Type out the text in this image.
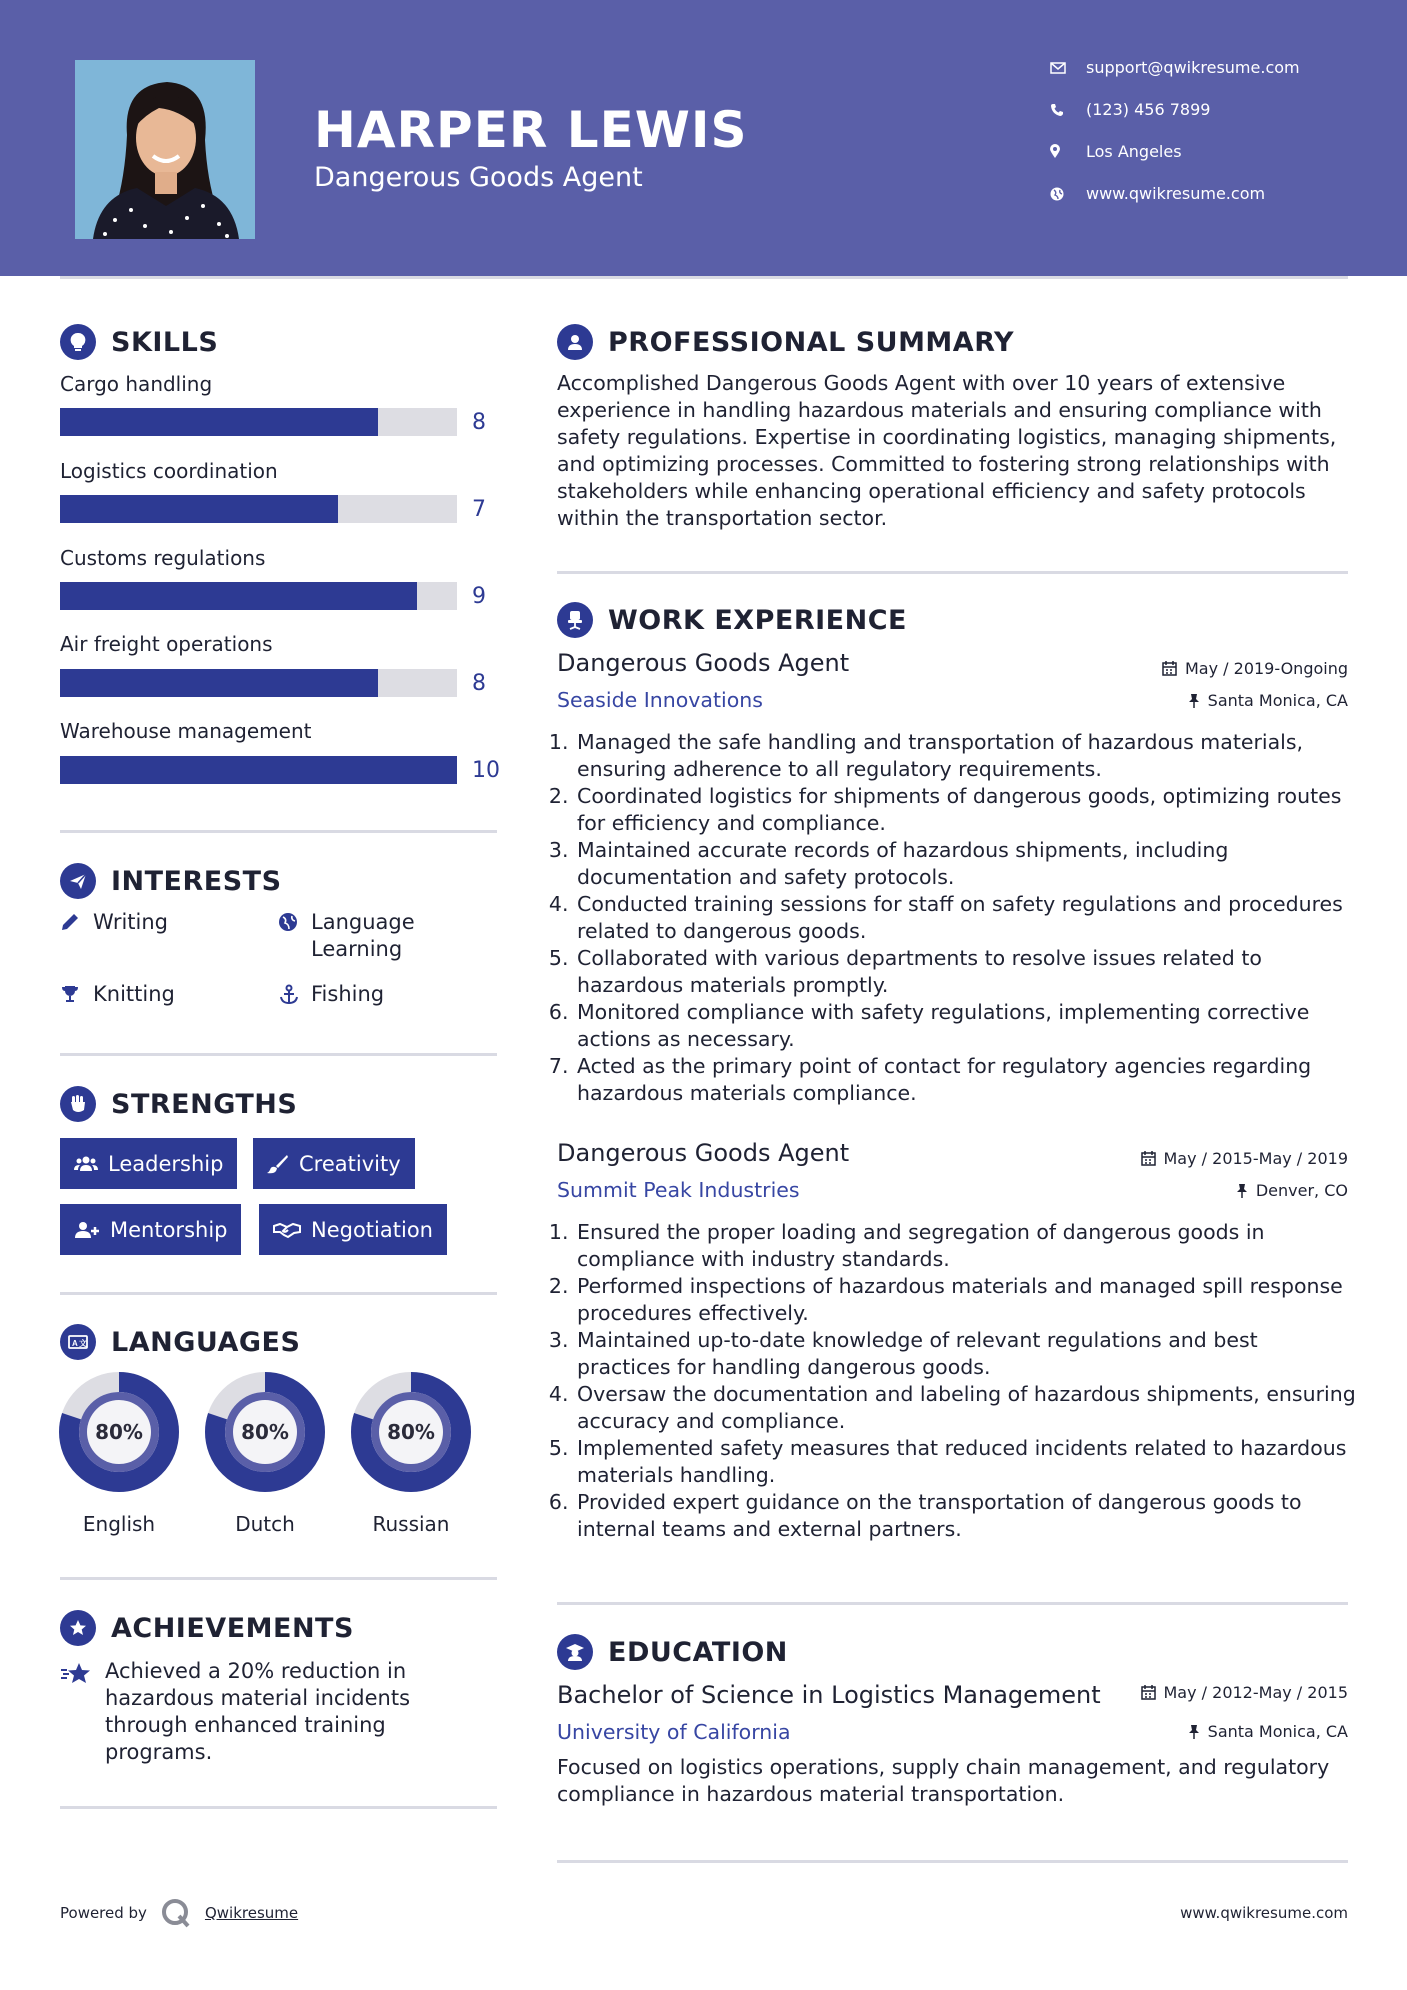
HARPER LEWIS
Dangerous Goods Agent
support@qwikresume.com
(123) 456 7899
Los Angeles
www.qwikresume.com
SKILLS
Cargo handling
8
Logistics coordination
7
Customs regulations
9
Air freight operations
8
Warehouse management
10
INTERESTS
Writing	Language Learning
Knitting	Fishing
STRENGTHS
Leadership	Creativity
Mentorship	Negotiation
A 文 LANGUAGES
80%
English
80%
Dutch
80%
Russian
ACHIEVEMENTS
Achieved a 20% reduction in hazardous material incidents through enhanced training programs.
PROFESSIONAL SUMMARY
Accomplished Dangerous Goods Agent with over 10 years of extensive experience in handling hazardous materials and ensuring compliance with safety regulations. Expertise in coordinating logistics, managing shipments, and optimizing processes. Committed to fostering strong relationships with stakeholders while enhancing operational efficiency and safety protocols within the transportation sector.
WORK EXPERIENCE
Dangerous Goods Agent	May / 2019-Ongoing
Seaside Innovations	Santa Monica, CA
1. Managed the safe handling and transportation of hazardous materials, ensuring adherence to all regulatory requirements.
2. Coordinated logistics for shipments of dangerous goods, optimizing routes for efficiency and compliance.
3. Maintained accurate records of hazardous shipments, including documentation and safety protocols.
4. Conducted training sessions for staff on safety regulations and procedures related to dangerous goods.
5. Collaborated with various departments to resolve issues related to hazardous materials promptly.
6. Monitored compliance with safety regulations, implementing corrective actions as necessary.
7. Acted as the primary point of contact for regulatory agencies regarding hazardous materials compliance.
Dangerous Goods Agent	May / 2015-May / 2019
Summit Peak Industries	Denver, CO
1. Ensured the proper loading and segregation of dangerous goods in compliance with industry standards.
2. Performed inspections of hazardous materials and managed spill response procedures effectively.
3. Maintained up-to-date knowledge of relevant regulations and best practices for handling dangerous goods.
4. Oversaw the documentation and labeling of hazardous shipments, ensuring accuracy and compliance.
5. Implemented safety measures that reduced incidents related to hazardous materials handling.
6. Provided expert guidance on the transportation of dangerous goods to internal teams and external partners.
EDUCATION
Bachelor of Science in Logistics Management	May / 2012-May / 2015
University of California	Santa Monica, CA
Focused on logistics operations, supply chain management, and regulatory compliance in hazardous material transportation.
Powered by	Qwikresume	www.qwikresume.com
